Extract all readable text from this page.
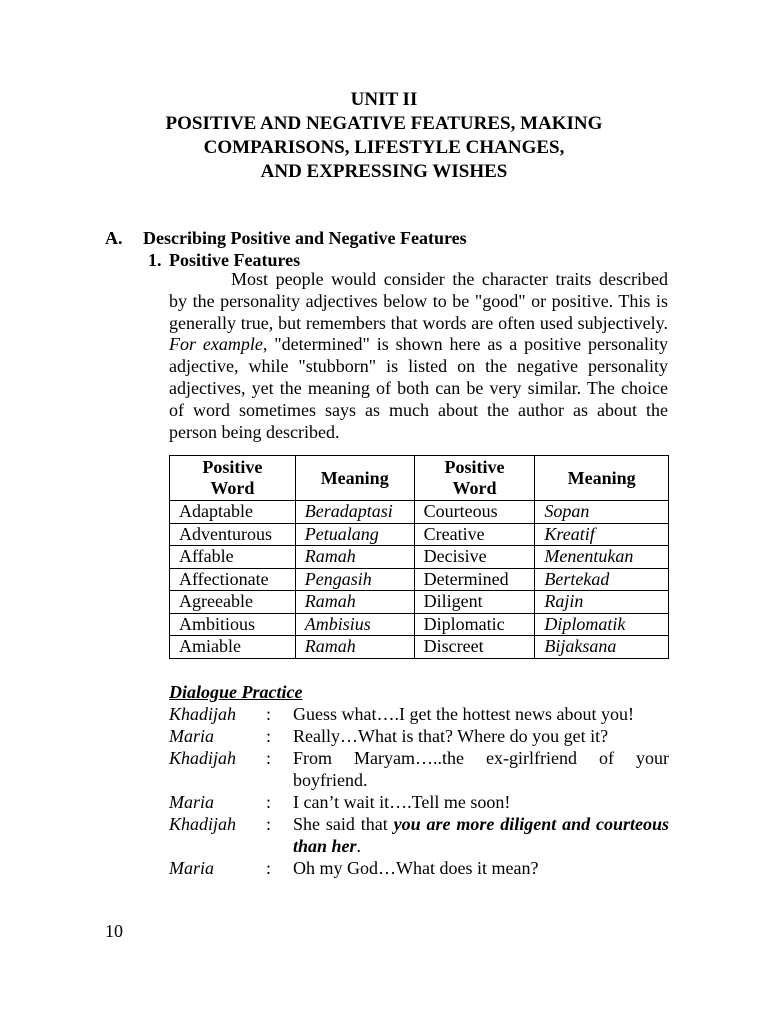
UNIT II
POSITIVE AND NEGATIVE FEATURES, MAKING
COMPARISONS, LIFESTYLE CHANGES,
AND EXPRESSING WISHES
A. Describing Positive and Negative Features
1. Positive Features
Most people would consider the character traits described by the personality adjectives below to be "good" or positive. This is generally true, but remembers that words are often used subjectively. For example, "determined" is shown here as a positive personality adjective, while "stubborn" is listed on the negative personality adjectives, yet the meaning of both can be very similar. The choice of word sometimes says as much about the author as about the person being described.
Positive Word	Meaning	Positive Word	Meaning
Adaptable	Beradaptasi	Courteous	Sopan
Adventurous	Petualang	Creative	Kreatif
Affable	Ramah	Decisive	Menentukan
Affectionate	Pengasih	Determined	Bertekad
Agreeable	Ramah	Diligent	Rajin
Ambitious	Ambisius	Diplomatic	Diplomatik
Amiable	Ramah	Discreet	Bijaksana
Dialogue Practice
Khadijah	:	Guess what….I get the hottest news about you!
Maria	:	Really…What is that? Where do you get it?
Khadijah	:	From Maryam…..the ex-girlfriend of your boyfriend.
Maria	:	I can’t wait it….Tell me soon!
Khadijah	:	She said that you are more diligent and courteous than her.
Maria	:	Oh my God…What does it mean?
10
